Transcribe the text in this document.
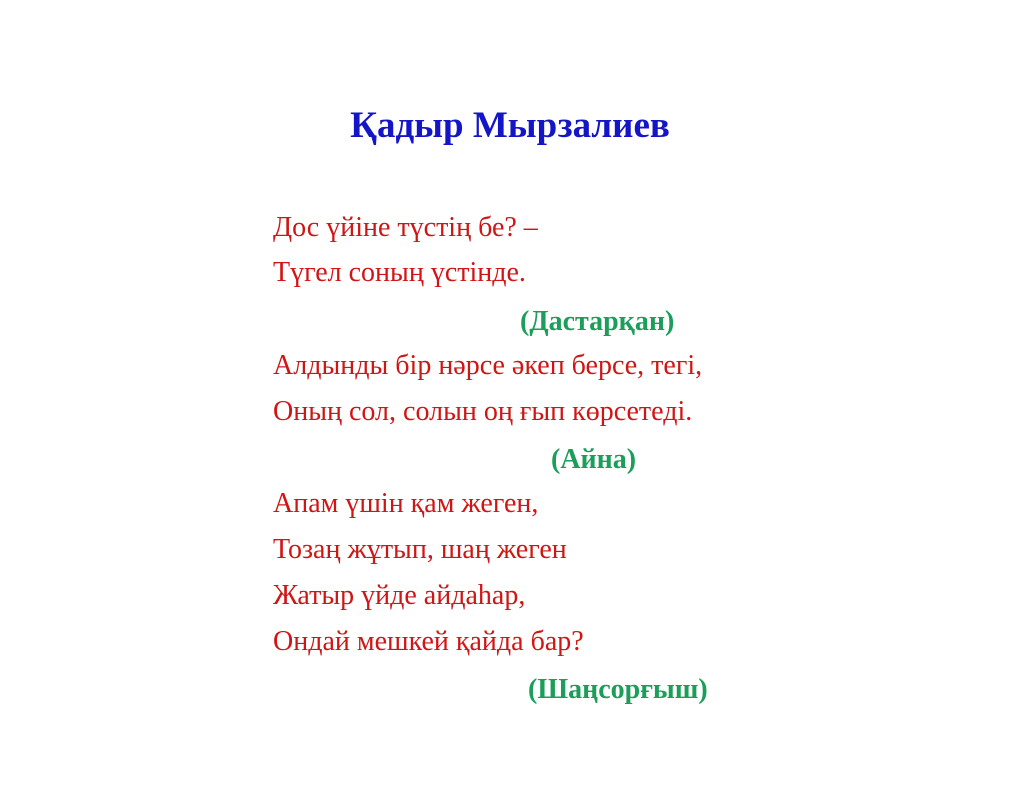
Қадыр Мырзалиев
Дос үйіне түстің бе? –
Түгел соның үстінде.
(Дастарқан)
Алдынды бір нәрсе әкеп берсе, тегі,
Оның сол, солын оң ғып көрсетеді.
(Айна)
Апам үшін қам жеген,
Тозаң жұтып, шаң жеген
Жатыр үйде айдаһар,
Ондай мешкей қайда бар?
(Шаңсорғыш)
